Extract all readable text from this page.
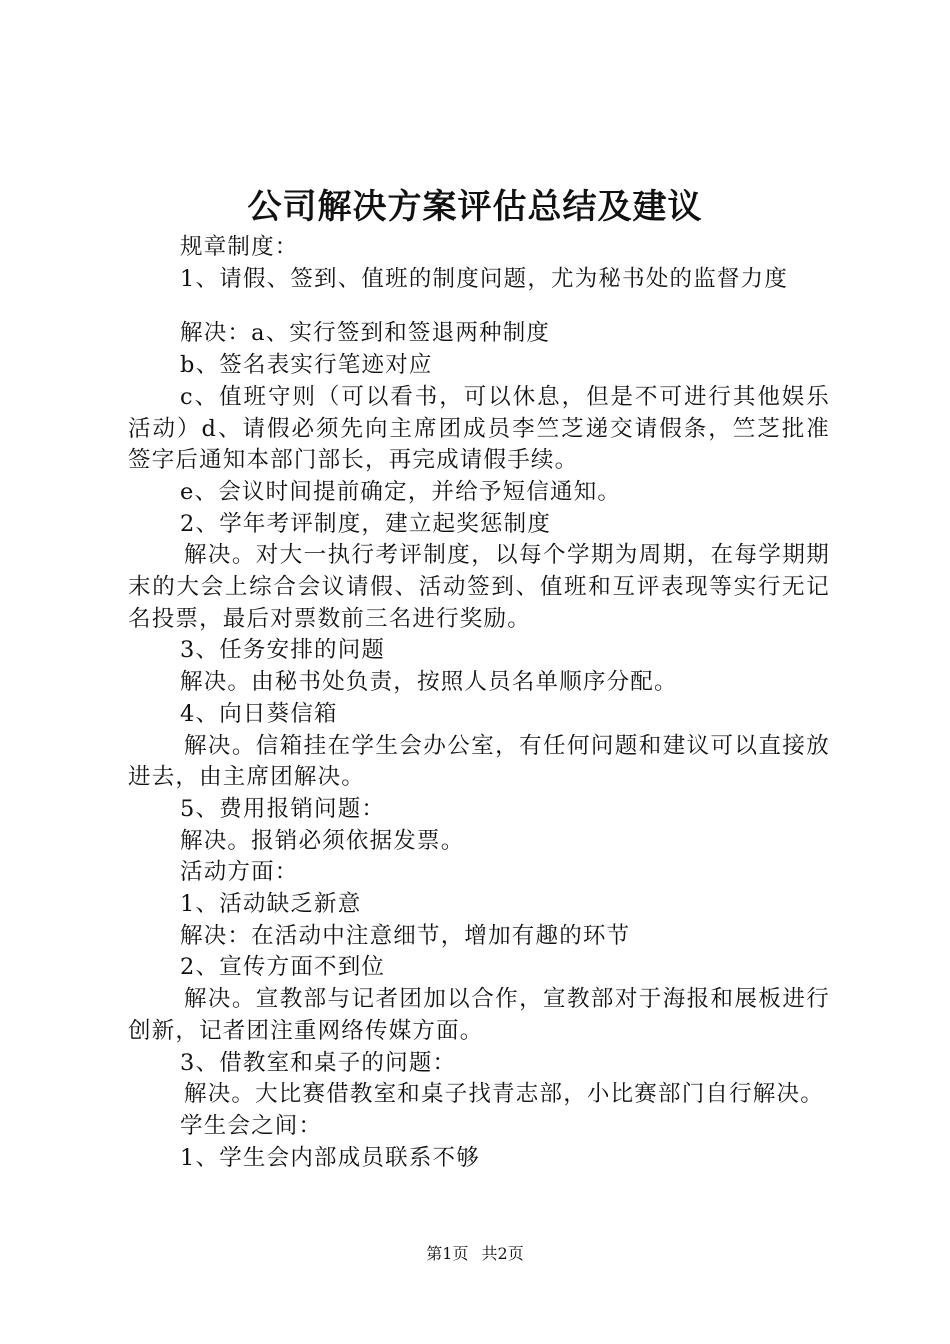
公司解决方案评估总结及建议

规章制度：

1、请假、签到、值班的制度问题，尤为秘书处的监督力度

解决：a、实行签到和签退两种制度

b、签名表实行笔迹对应

c、值班守则（可以看书，可以休息，但是不可进行其他娱乐活动）d、请假必须先向主席团成员李竺芝递交请假条，竺芝批准签字后通知本部门部长，再完成请假手续。

e、会议时间提前确定，并给予短信通知。

2、学年考评制度，建立起奖惩制度

解决。对大一执行考评制度，以每个学期为周期，在每学期期末的大会上综合会议请假、活动签到、值班和互评表现等实行无记名投票，最后对票数前三名进行奖励。

3、任务安排的问题

解决。由秘书处负责，按照人员名单顺序分配。

4、向日葵信箱

解决。信箱挂在学生会办公室，有任何问题和建议可以直接放进去，由主席团解决。

5、费用报销问题：

解决。报销必须依据发票。

活动方面：

1、活动缺乏新意

解决：在活动中注意细节，增加有趣的环节

2、宣传方面不到位

解决。宣教部与记者团加以合作，宣教部对于海报和展板进行创新，记者团注重网络传媒方面。

3、借教室和桌子的问题：

解决。大比赛借教室和桌子找青志部，小比赛部门自行解决。

学生会之间：

1、学生会内部成员联系不够

第1页 共2页
